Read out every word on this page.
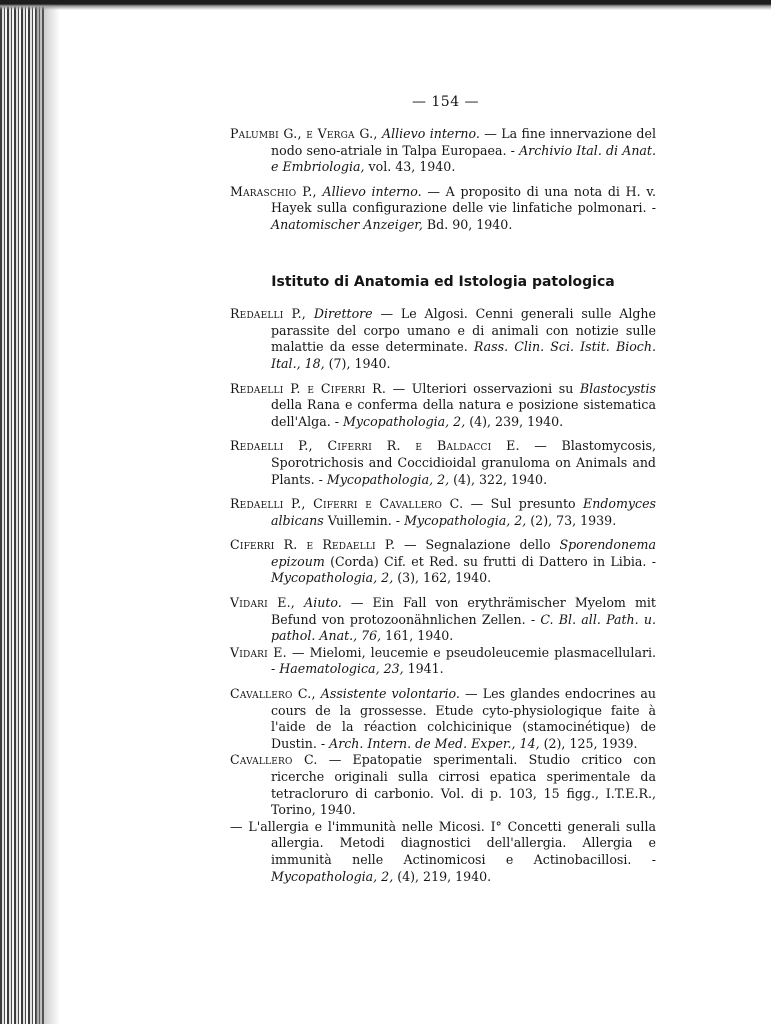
— 154 —
Palumbi G., e Verga G., Allievo interno. — La fine innervazione del nodo seno-atriale in Talpa Europaea. - Archivio Ital. di Anat. e Embriologia, vol. 43, 1940.
Maraschio P., Allievo interno. — A proposito di una nota di H. v. Hayek sulla configurazione delle vie linfatiche polmonari. - Anatomischer Anzeiger, Bd. 90, 1940.
Istituto di Anatomia ed Istologia patologica
Redaelli P., Direttore — Le Algosi. Cenni generali sulle Alghe parassite del corpo umano e di animali con notizie sulle malattie da esse determinate. Rass. Clin. Sci. Istit. Bioch. Ital., 18, (7), 1940.
Redaelli P. e Ciferri R. — Ulteriori osservazioni su Blastocystis della Rana e conferma della natura e posizione sistematica dell'Alga. - Mycopathologia, 2, (4), 239, 1940.
Redaelli P., Ciferri R. e Baldacci E. — Blastomycosis, Sporotrichosis and Coccidioidal granuloma on Animals and Plants. - Mycopathologia, 2, (4), 322, 1940.
Redaelli P., Ciferri e Cavallero C. — Sul presunto Endomyces albicans Vuillemin. - Mycopathologia, 2, (2), 73, 1939.
Ciferri R. e Redaelli P. — Segnalazione dello Sporendonema epizoum (Corda) Cif. et Red. su frutti di Dattero in Libia. - Mycopathologia, 2, (3), 162, 1940.
Vidari E., Aiuto. — Ein Fall von erythrämischer Myelom mit Befund von protozoonähnlichen Zellen. - C. Bl. all. Path. u. pathol. Anat., 76, 161, 1940.
Vidari E. — Mielomi, leucemie e pseudoleucemie plasmacellulari. - Haematologica, 23, 1941.
Cavallero C., Assistente volontario. — Les glandes endocrines au cours de la grossesse. Etude cyto-physiologique faite à l'aide de la réaction colchicinique (stamocinétique) de Dustin. - Arch. Intern. de Med. Exper., 14, (2), 125, 1939.
Cavallero C. — Epatopatie sperimentali. Studio critico con ricerche originali sulla cirrosi epatica sperimentale da tetracloruro di carbonio. Vol. di p. 103, 15 figg., I.T.E.R., Torino, 1940.
— L'allergia e l'immunità nelle Micosi. I° Concetti generali sulla allergia. Metodi diagnostici dell'allergia. Allergia e immunità nelle Actinomicosi e Actinobacillosi. - Mycopathologia, 2, (4), 219, 1940.
